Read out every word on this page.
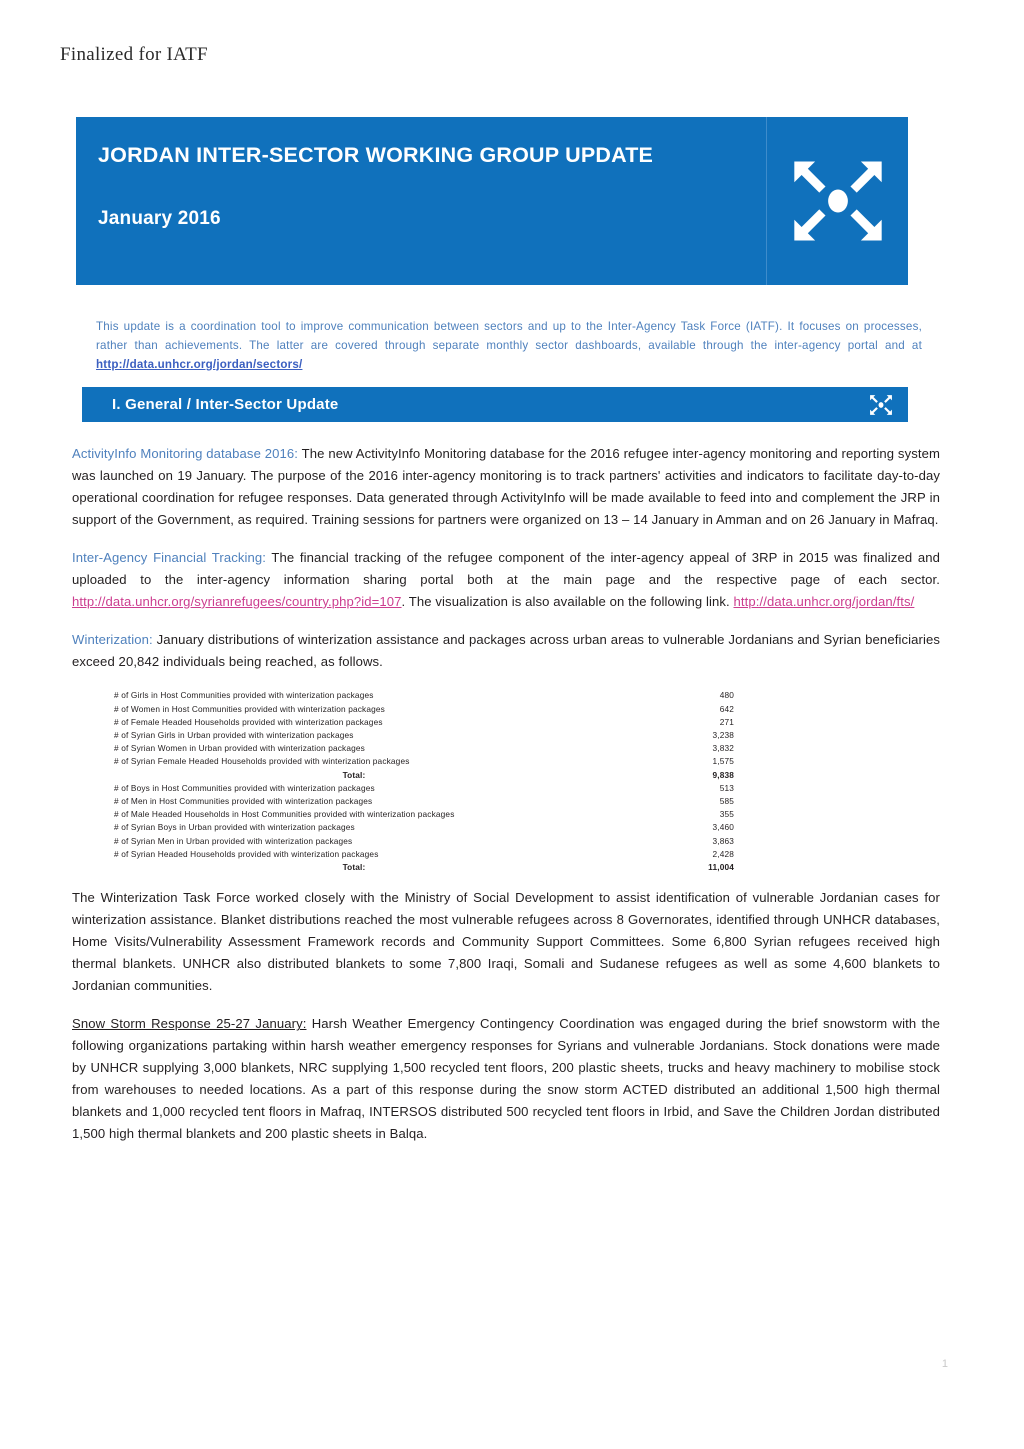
Finalized for IATF
JORDAN INTER-SECTOR WORKING GROUP UPDATE
January 2016
This update is a coordination tool to improve communication between sectors and up to the Inter-Agency Task Force (IATF). It focuses on processes, rather than achievements. The latter are covered through separate monthly sector dashboards, available through the inter-agency portal and at http://data.unhcr.org/jordan/sectors/
I. General / Inter-Sector Update

ActivityInfo Monitoring database 2016: The new ActivityInfo Monitoring database for the 2016 refugee inter-agency monitoring and reporting system was launched on 19 January. The purpose of the 2016 inter-agency monitoring is to track partners' activities and indicators to facilitate day-to-day operational coordination for refugee responses. Data generated through ActivityInfo will be made available to feed into and complement the JRP in support of the Government, as required. Training sessions for partners were organized on 13 – 14 January in Amman and on 26 January in Mafraq.

Inter-Agency Financial Tracking: The financial tracking of the refugee component of the inter-agency appeal of 3RP in 2015 was finalized and uploaded to the inter-agency information sharing portal both at the main page and the respective page of each sector. http://data.unhcr.org/syrianrefugees/country.php?id=107. The visualization is also available on the following link. http://data.unhcr.org/jordan/fts/

Winterization: January distributions of winterization assistance and packages across urban areas to vulnerable Jordanians and Syrian beneficiaries exceed 20,842 individuals being reached, as follows.

# of Girls in Host Communities provided with winterization packages	480
# of Women in Host Communities provided with winterization packages	642
# of Female Headed Households provided with winterization packages	271
# of Syrian Girls in Urban provided with winterization packages	3,238
# of Syrian Women in Urban provided with winterization packages	3,832
# of Syrian Female Headed Households provided with winterization packages	1,575
Total:	9,838
# of Boys in Host Communities provided with winterization packages	513
# of Men in Host Communities provided with winterization packages	585
# of Male Headed Households in Host Communities provided with winterization packages	355
# of Syrian Boys in Urban provided with winterization packages	3,460
# of Syrian Men in Urban provided with winterization packages	3,863
# of Syrian Headed Households provided with winterization packages	2,428
Total:	11,004

The Winterization Task Force worked closely with the Ministry of Social Development to assist identification of vulnerable Jordanian cases for winterization assistance. Blanket distributions reached the most vulnerable refugees across 8 Governorates, identified through UNHCR databases, Home Visits/Vulnerability Assessment Framework records and Community Support Committees. Some 6,800 Syrian refugees received high thermal blankets. UNHCR also distributed blankets to some 7,800 Iraqi, Somali and Sudanese refugees as well as some 4,600 blankets to Jordanian communities.

Snow Storm Response 25-27 January: Harsh Weather Emergency Contingency Coordination was engaged during the brief snowstorm with the following organizations partaking within harsh weather emergency responses for Syrians and vulnerable Jordanians. Stock donations were made by UNHCR supplying 3,000 blankets, NRC supplying 1,500 recycled tent floors, 200 plastic sheets, trucks and heavy machinery to mobilise stock from warehouses to needed locations. As a part of this response during the snow storm ACTED distributed an additional 1,500 high thermal blankets and 1,000 recycled tent floors in Mafraq, INTERSOS distributed 500 recycled tent floors in Irbid, and Save the Children Jordan distributed 1,500 high thermal blankets and 200 plastic sheets in Balqa.

1
